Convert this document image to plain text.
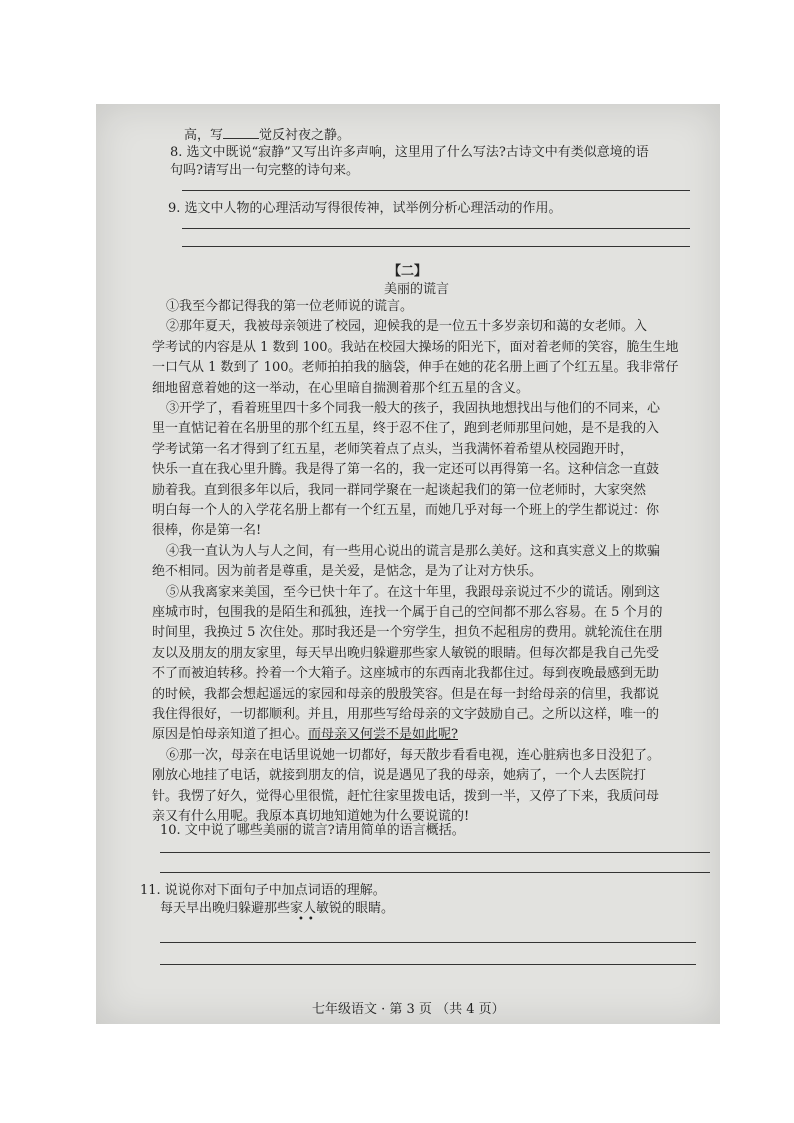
高，写	觉反衬夜之静。
8. 选文中既说“寂静”又写出许多声响，这里用了什么写法?古诗文中有类似意境的语
句吗?请写出一句完整的诗句来。
9. 选文中人物的心理活动写得很传神，试举例分析心理活动的作用。
【二】
美丽的谎言
①我至今都记得我的第一位老师说的谎言。
②那年夏天，我被母亲领进了校园，迎候我的是一位五十多岁亲切和蔼的女老师。入
学考试的内容是从 1 数到 100。我站在校园大操场的阳光下，面对着老师的笑容，脆生生地
一口气从 1 数到了 100。老师拍拍我的脑袋，伸手在她的花名册上画了个红五星。我非常仔
细地留意着她的这一举动，在心里暗自揣测着那个红五星的含义。
③开学了，看着班里四十多个同我一般大的孩子，我固执地想找出与他们的不同来，心
里一直惦记着在名册里的那个红五星，终于忍不住了，跑到老师那里问她，是不是我的入
学考试第一名才得到了红五星，老师笑着点了点头，当我满怀着希望从校园跑开时，
快乐一直在我心里升腾。我是得了第一名的，我一定还可以再得第一名。这种信念一直鼓
励着我。直到很多年以后，我同一群同学聚在一起谈起我们的第一位老师时，大家突然
明白每一个人的入学花名册上都有一个红五星，而她几乎对每一个班上的学生都说过：你
很棒，你是第一名!
④我一直认为人与人之间，有一些用心说出的谎言是那么美好。这和真实意义上的欺骗
绝不相同。因为前者是尊重，是关爱，是惦念，是为了让对方快乐。
⑤从我离家来美国，至今已快十年了。在这十年里，我跟母亲说过不少的谎话。刚到这
座城市时，包围我的是陌生和孤独，连找一个属于自己的空间都不那么容易。在 5 个月的
时间里，我换过 5 次住处。那时我还是一个穷学生，担负不起租房的费用。就轮流住在朋
友以及朋友的朋友家里，每天早出晚归躲避那些家人敏锐的眼睛。但每次都是我自己先受
不了而被迫转移。拎着一个大箱子。这座城市的东西南北我都住过。每到夜晚最感到无助
的时候，我都会想起遥远的家园和母亲的殷殷笑容。但是在每一封给母亲的信里，我都说
我住得很好，一切都顺利。并且，用那些写给母亲的文字鼓励自己。之所以这样，唯一的
原因是怕母亲知道了担心。而母亲又何尝不是如此呢?
⑥那一次，母亲在电话里说她一切都好，每天散步看看电视，连心脏病也多日没犯了。
刚放心地挂了电话，就接到朋友的信，说是遇见了我的母亲，她病了，一个人去医院打
针。我愣了好久，觉得心里很慌，赶忙往家里拨电话，拨到一半，又停了下来，我质问母
亲又有什么用呢。我原本真切地知道她为什么要说谎的!
10. 文中说了哪些美丽的谎言?请用简单的语言概括。
11. 说说你对下面句子中加点词语的理解。
每天早出晚归躲避那些家人敏锐的眼睛。
••
七年级语文 · 第 3 页 （共 4 页）
